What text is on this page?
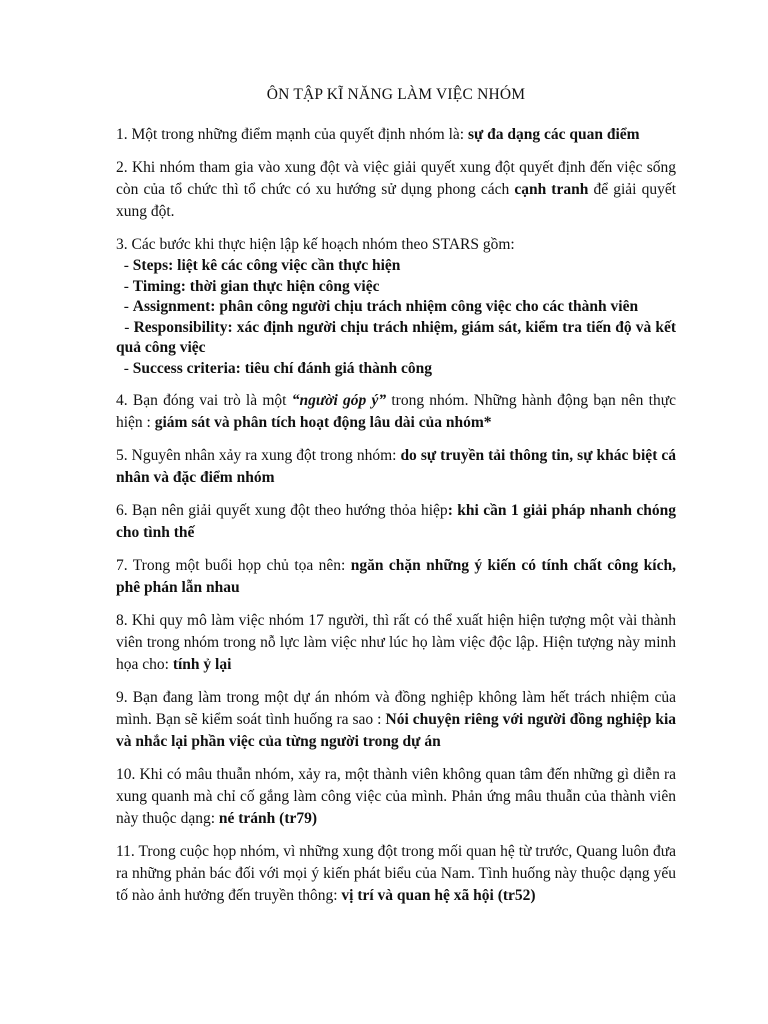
ÔN TẬP KĨ NĂNG LÀM VIỆC NHÓM

1. Một trong những điểm mạnh của quyết định nhóm là: sự đa dạng các quan điểm

2. Khi nhóm tham gia vào xung đột và việc giải quyết xung đột quyết định đến việc sống còn của tổ chức thì tổ chức có xu hướng sử dụng phong cách cạnh tranh để giải quyết xung đột.

3. Các bước khi thực hiện lập kế hoạch nhóm theo STARS gồm:
- Steps: liệt kê các công việc cần thực hiện
- Timing: thời gian thực hiện công việc
- Assignment: phân công người chịu trách nhiệm công việc cho các thành viên
- Responsibility: xác định người chịu trách nhiệm, giám sát, kiểm tra tiến độ và kết quả công việc
- Success criteria: tiêu chí đánh giá thành công

4. Bạn đóng vai trò là một “người góp ý” trong nhóm. Những hành động bạn nên thực hiện : giám sát và phân tích hoạt động lâu dài của nhóm*

5. Nguyên nhân xảy ra xung đột trong nhóm: do sự truyền tải thông tin, sự khác biệt cá nhân và đặc điểm nhóm

6. Bạn nên giải quyết xung đột theo hướng thỏa hiệp: khi cần 1 giải pháp nhanh chóng cho tình thế

7. Trong một buổi họp chủ tọa nên: ngăn chặn những ý kiến có tính chất công kích, phê phán lẫn nhau

8. Khi quy mô làm việc nhóm 17 người, thì rất có thể xuất hiện hiện tượng một vài thành viên trong nhóm trong nỗ lực làm việc như lúc họ làm việc độc lập. Hiện tượng này minh họa cho: tính ỷ lại

9. Bạn đang làm trong một dự án nhóm và đồng nghiệp không làm hết trách nhiệm của mình. Bạn sẽ kiểm soát tình huống ra sao : Nói chuyện riêng với người đồng nghiệp kia và nhắc lại phần việc của từng người trong dự án

10. Khi có mâu thuẫn nhóm, xảy ra, một thành viên không quan tâm đến những gì diễn ra xung quanh mà chỉ cố gắng làm công việc của mình. Phản ứng mâu thuẫn của thành viên này thuộc dạng: né tránh (tr79)

11. Trong cuộc họp nhóm, vì những xung đột trong mối quan hệ từ trước, Quang luôn đưa ra những phản bác đối với mọi ý kiến phát biểu của Nam. Tình huống này thuộc dạng yếu tố nào ảnh hưởng đến truyền thông: vị trí và quan hệ xã hội (tr52)
